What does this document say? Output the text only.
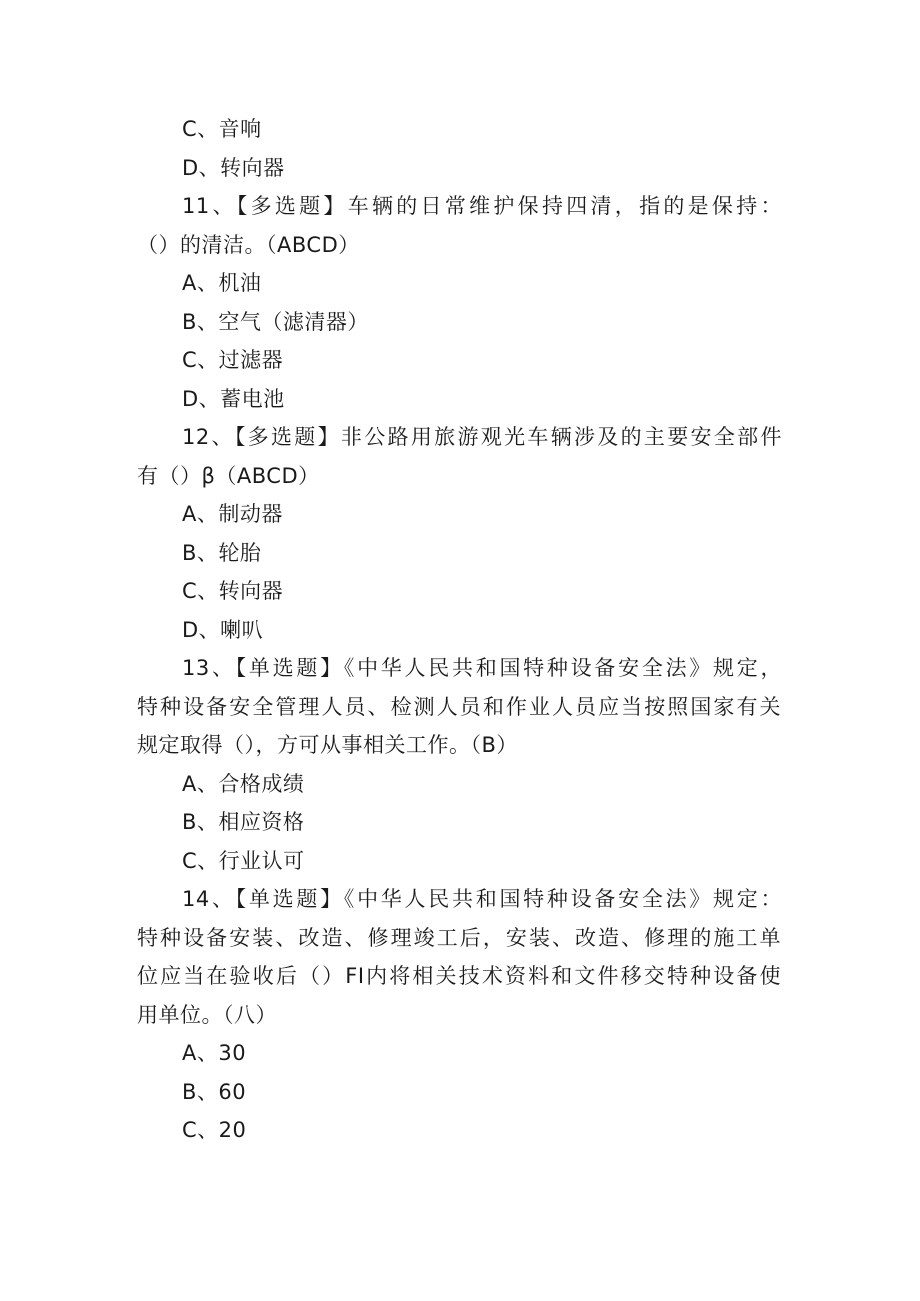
C、音响
D、转向器
11、【多选题】车辆的日常维护保持四清，指的是保持：
（）的清洁。（ABCD）
A、机油
B、空气（滤清器）
C、过滤器
D、蓄电池
12、【多选题】非公路用旅游观光车辆涉及的主要安全部件
有（）β（ABCD）
A、制动器
B、轮胎
C、转向器
D、喇叭
13、【单选题】《中华人民共和国特种设备安全法》规定，
特种设备安全管理人员、检测人员和作业人员应当按照国家有关
规定取得（），方可从事相关工作。（B）
A、合格成绩
B、相应资格
C、行业认可
14、【单选题】《中华人民共和国特种设备安全法》规定：
特种设备安装、改造、修理竣工后，安装、改造、修理的施工单
位应当在验收后（）FI内将相关技术资料和文件移交特种设备使
用单位。（八）
A、30
B、60
C、20
